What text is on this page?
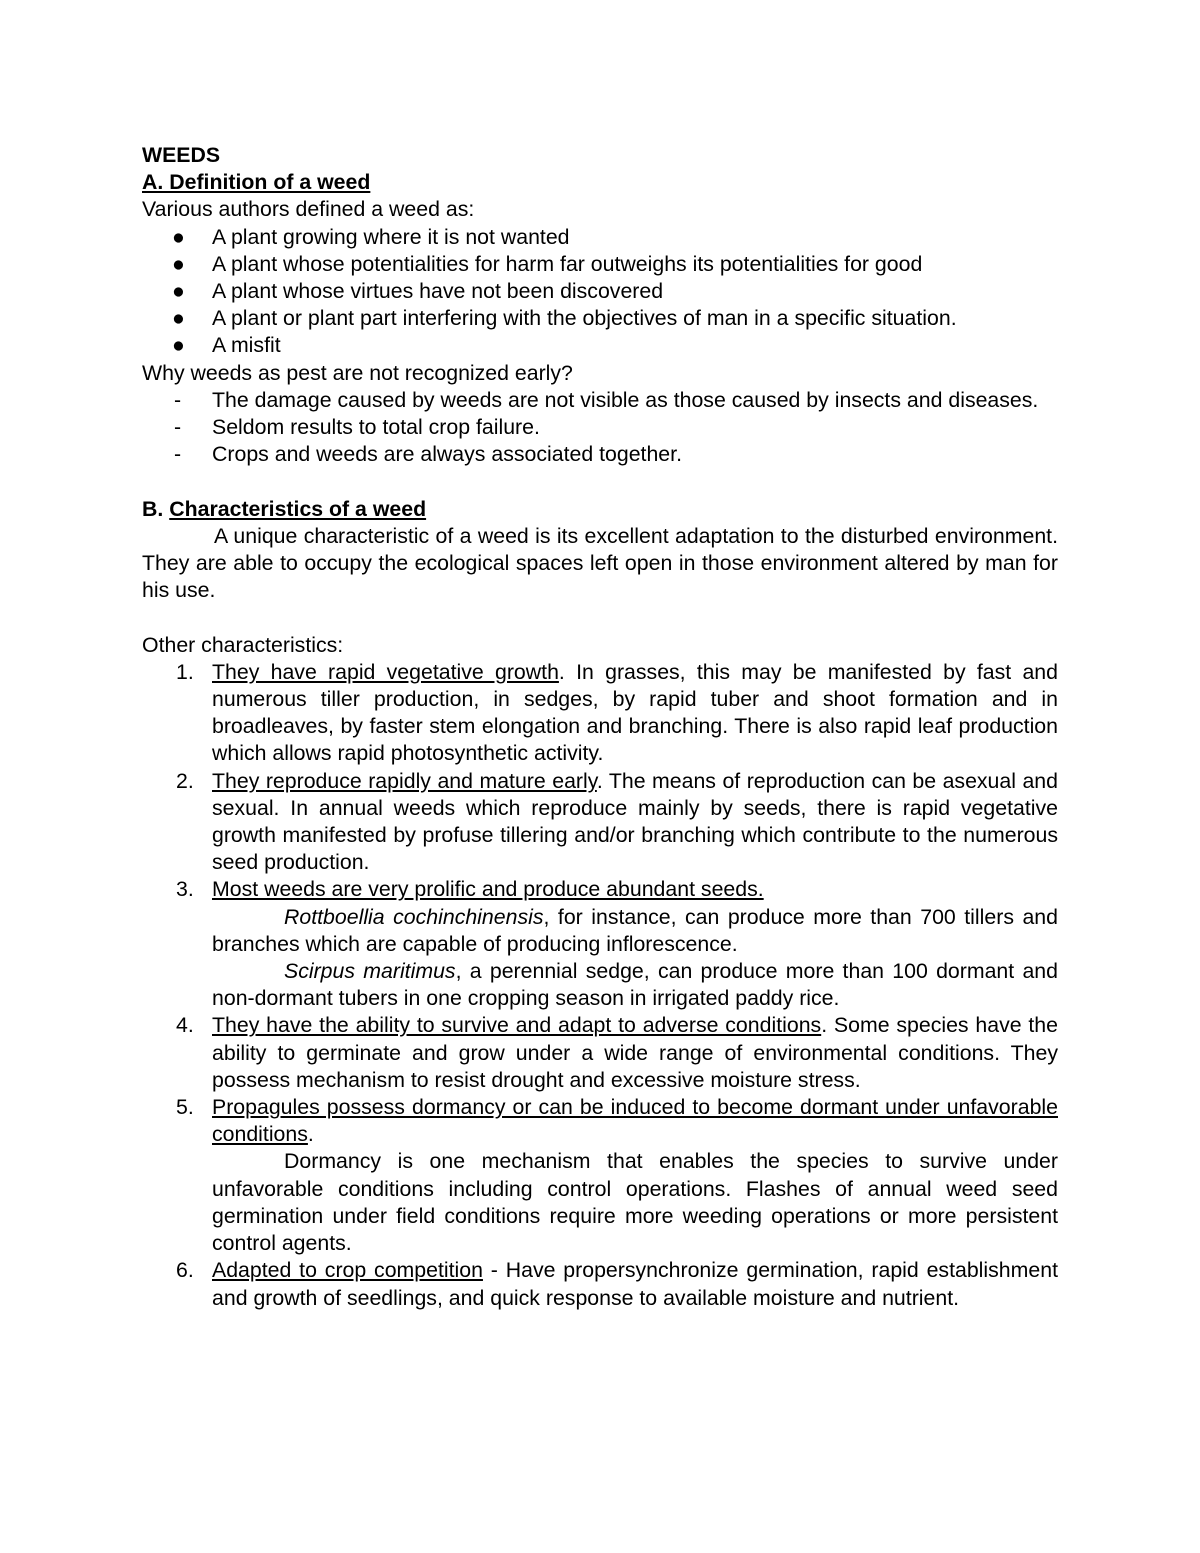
WEEDS

A. Definition of a weed

Various authors defined a weed as:

● A plant growing where it is not wanted
● A plant whose potentialities for harm far outweighs its potentialities for good
● A plant whose virtues have not been discovered
● A plant or plant part interfering with the objectives of man in a specific situation.
● A misfit

Why weeds as pest are not recognized early?

- The damage caused by weeds are not visible as those caused by insects and diseases.
- Seldom results to total crop failure.
- Crops and weeds are always associated together.

B. Characteristics of a weed

A unique characteristic of a weed is its excellent adaptation to the disturbed environment. They are able to occupy the ecological spaces left open in those environment altered by man for his use.

Other characteristics:

1. They have rapid vegetative growth. In grasses, this may be manifested by fast and numerous tiller production, in sedges, by rapid tuber and shoot formation and in broadleaves, by faster stem elongation and branching. There is also rapid leaf production which allows rapid photosynthetic activity.
2. They reproduce rapidly and mature early. The means of reproduction can be asexual and sexual. In annual weeds which reproduce mainly by seeds, there is rapid vegetative growth manifested by profuse tillering and/or branching which contribute to the numerous seed production.
3. Most weeds are very prolific and produce abundant seeds.

Rottboellia cochinchinensis, for instance, can produce more than 700 tillers and branches which are capable of producing inflorescence.

Scirpus maritimus, a perennial sedge, can produce more than 100 dormant and non-dormant tubers in one cropping season in irrigated paddy rice.

4. They have the ability to survive and adapt to adverse conditions. Some species have the ability to germinate and grow under a wide range of environmental conditions. They possess mechanism to resist drought and excessive moisture stress.
5. Propagules possess dormancy or can be induced to become dormant under unfavorable conditions.

Dormancy is one mechanism that enables the species to survive under unfavorable conditions including control operations. Flashes of annual weed seed germination under field conditions require more weeding operations or more persistent control agents.

6. Adapted to crop competition - Have propersynchronize germination, rapid establishment and growth of seedlings, and quick response to available moisture and nutrient.
